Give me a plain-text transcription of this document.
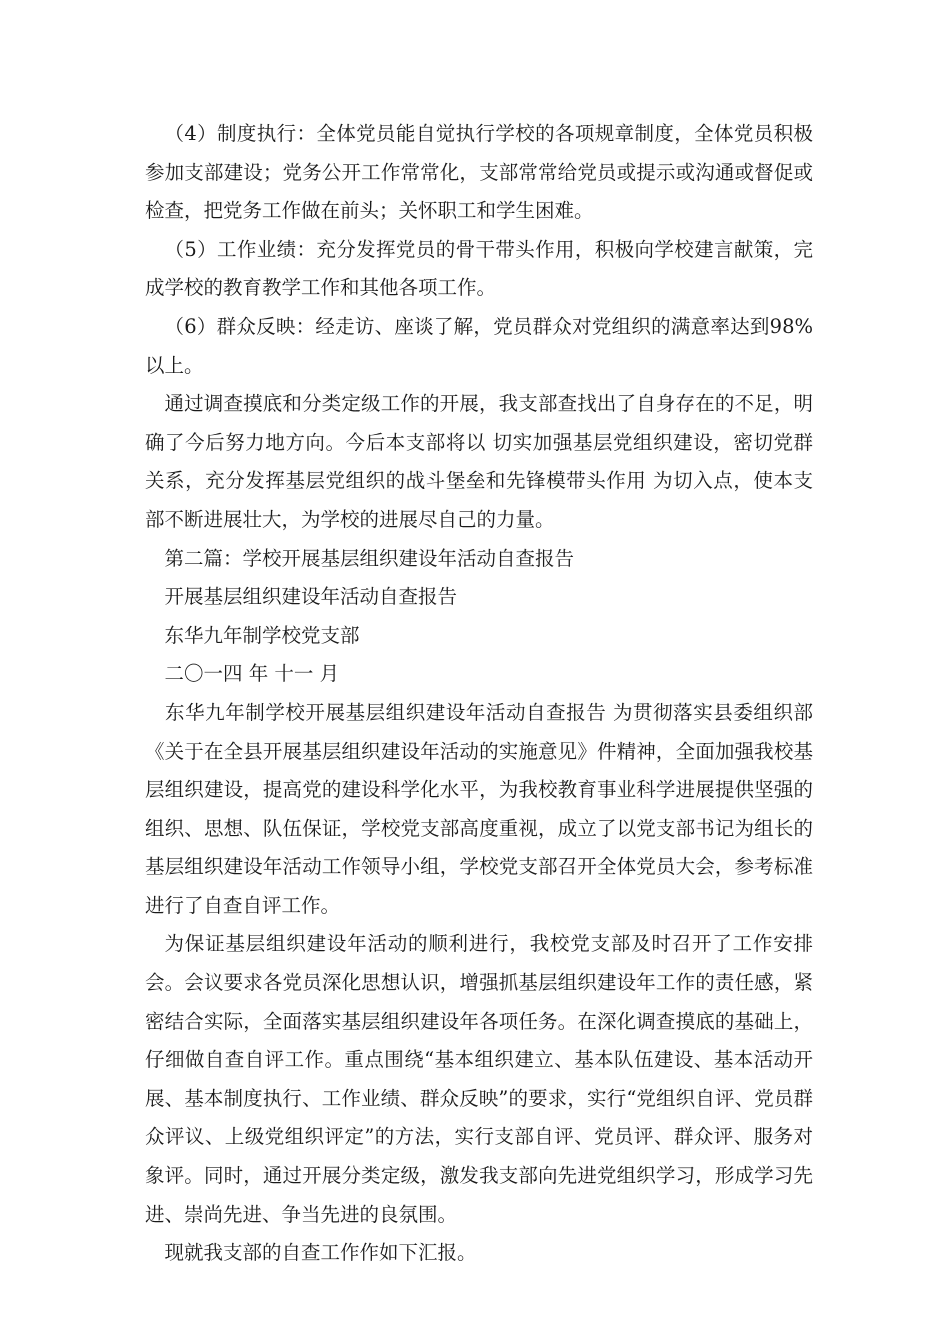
（4）制度执行：全体党员能自觉执行学校的各项规章制度，全体党员积极参加支部建设；党务公开工作常常化，支部常常给党员或提示或沟通或督促或检查，把党务工作做在前头；关怀职工和学生困难。

（5）工作业绩：充分发挥党员的骨干带头作用，积极向学校建言献策，完成学校的教育教学工作和其他各项工作。

（6）群众反映：经走访、座谈了解，党员群众对党组织的满意率达到98%以上。

通过调查摸底和分类定级工作的开展，我支部查找出了自身存在的不足，明确了今后努力地方向。今后本支部将以 切实加强基层党组织建设，密切党群关系，充分发挥基层党组织的战斗堡垒和先锋模带头作用 为切入点，使本支部不断进展壮大，为学校的进展尽自己的力量。

第二篇：学校开展基层组织建设年活动自查报告

开展基层组织建设年活动自查报告

东华九年制学校党支部

二〇一四 年 十一 月

　东华九年制学校开展基层组织建设年活动自查报告 为贯彻落实县委组织部《关于在全县开展基层组织建设年活动的实施意见》件精神，全面加强我校基层组织建设，提高党的建设科学化水平，为我校教育事业科学进展提供坚强的组织、思想、队伍保证，学校党支部高度重视，成立了以党支部书记为组长的基层组织建设年活动工作领导小组，学校党支部召开全体党员大会，参考标准进行了自查自评工作。

为保证基层组织建设年活动的顺利进行，我校党支部及时召开了工作安排会。会议要求各党员深化思想认识，增强抓基层组织建设年工作的责任感，紧密结合实际，全面落实基层组织建设年各项任务。在深化调查摸底的基础上，仔细做自查自评工作。重点围绕“基本组织建立、基本队伍建设、基本活动开展、基本制度执行、工作业绩、群众反映”的要求，实行“党组织自评、党员群众评议、上级党组织评定”的方法，实行支部自评、党员评、群众评、服务对象评。同时，通过开展分类定级，激发我支部向先进党组织学习，形成学习先进、崇尚先进、争当先进的良氛围。

现就我支部的自查工作作如下汇报。
